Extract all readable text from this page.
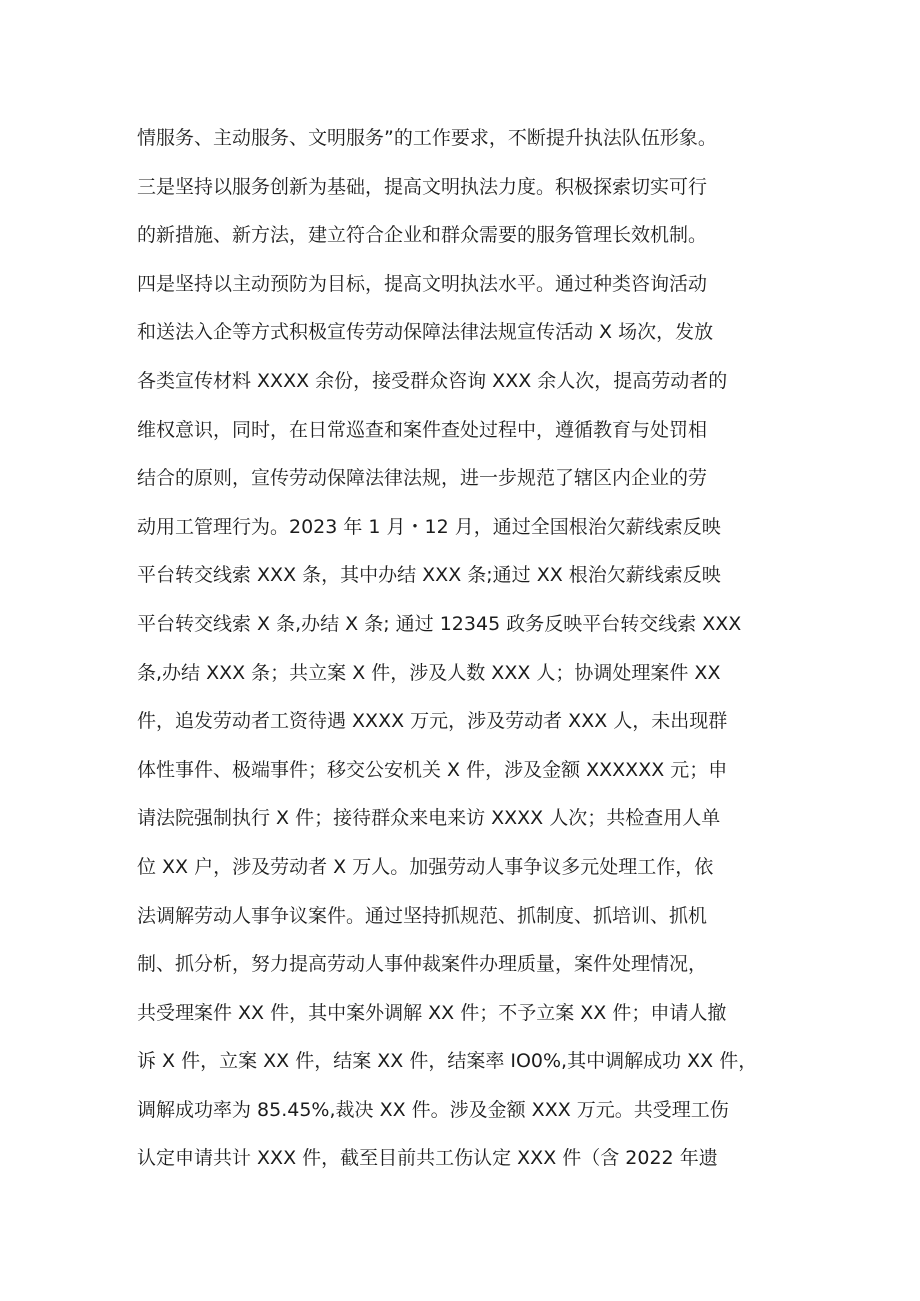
情服务、主动服务、文明服务”的工作要求，不断提升执法队伍形象。
三是坚持以服务创新为基础，提高文明执法力度。积极探索切实可行
的新措施、新方法，建立符合企业和群众需要的服务管理长效机制。
四是坚持以主动预防为目标，提高文明执法水平。通过种类咨询活动
和送法入企等方式积极宣传劳动保障法律法规宣传活动 X 场次，发放
各类宣传材料 XXXX 余份，接受群众咨询 XXX 余人次，提高劳动者的
维权意识，同时，在日常巡查和案件查处过程中，遵循教育与处罚相
结合的原则，宣传劳动保障法律法规，进一步规范了辖区内企业的劳
动用工管理行为。2023 年 1 月・12 月，通过全国根治欠薪线索反映
平台转交线索 XXX 条，其中办结 XXX 条;通过 XX 根治欠薪线索反映
平台转交线索 X 条,办结 X 条; 通过 12345 政务反映平台转交线索 XXX
条,办结 XXX 条；共立案 X 件，涉及人数 XXX 人；协调处理案件 XX
件，追发劳动者工资待遇 XXXX 万元，涉及劳动者 XXX 人，未出现群
体性事件、极端事件；移交公安机关 X 件，涉及金额 XXXXXX 元；申
请法院强制执行 X 件；接待群众来电来访 XXXX 人次；共检查用人单
位 XX 户，涉及劳动者 X 万人。加强劳动人事争议多元处理工作，依
法调解劳动人事争议案件。通过坚持抓规范、抓制度、抓培训、抓机
制、抓分析，努力提高劳动人事仲裁案件办理质量，案件处理情况，
共受理案件 XX 件，其中案外调解 XX 件；不予立案 XX 件；申请人撤
诉 X 件，立案 XX 件，结案 XX 件，结案率 IO0%,其中调解成功 XX 件，
调解成功率为 85.45%,裁决 XX 件。涉及金额 XXX 万元。共受理工伤
认定申请共计 XXX 件，截至目前共工伤认定 XXX 件（含 2022 年遗
